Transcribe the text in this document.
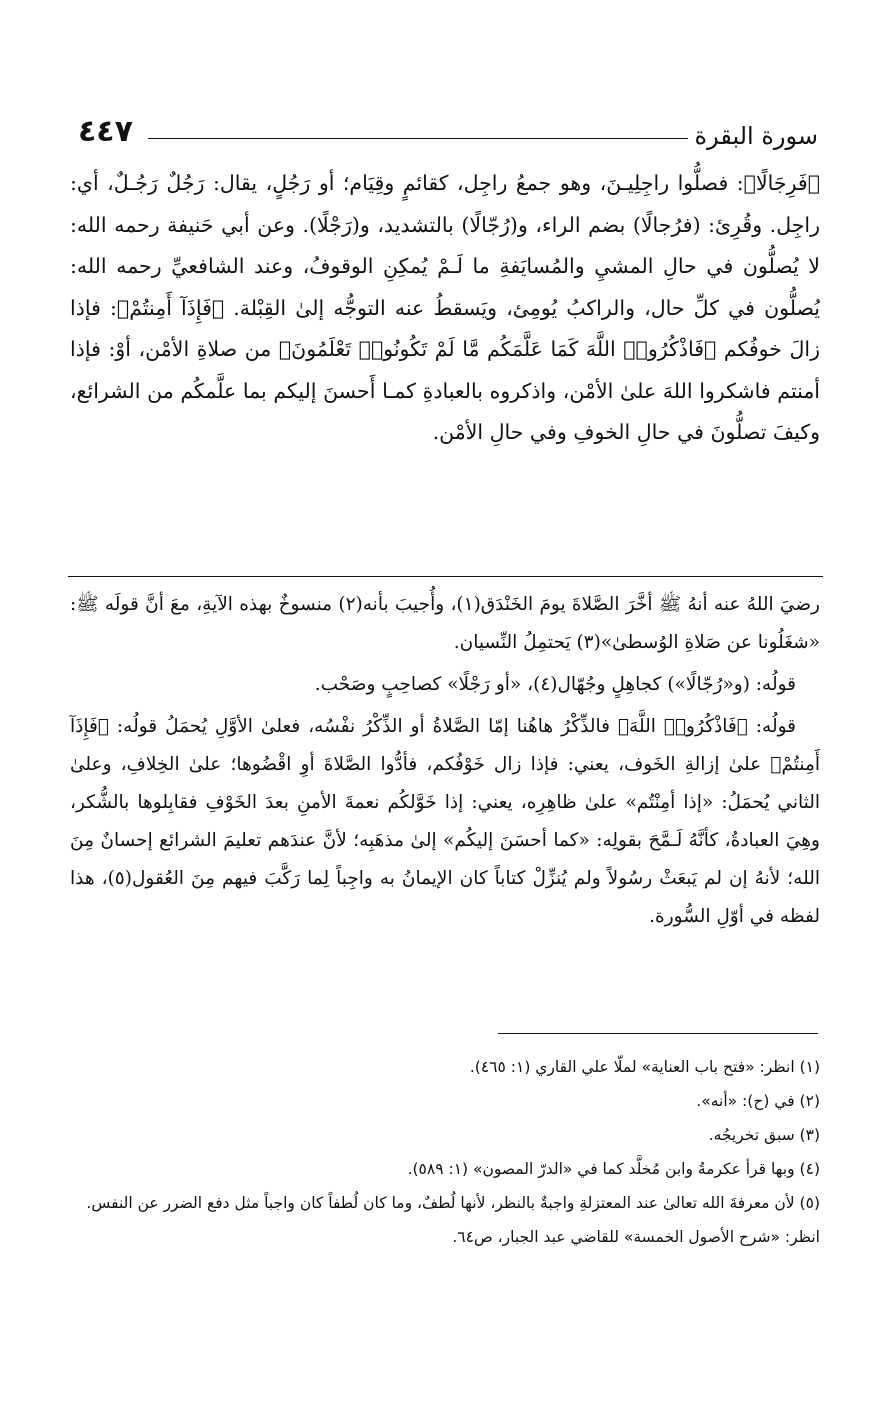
سورة البقرة
٤٤٧

﴿فَرِجَالًا﴾: فصلُّوا راجِلِيـنَ، وهو جمعُ راجِل، كقائمٍ وقِيَام؛ أو رَجُلٍ، يقال: رَجُلٌ رَجُـلٌ، أي: راجِل. وقُرِئ: (فرُجالًا) بضم الراء، و(رُجّالًا) بالتشديد، و(رَجْلًا). وعن أبي حَنيفة رحمه الله: لا يُصلُّون في حالِ المشيِ والمُسايَفةِ ما لَـمْ يُمكِنِ الوقوفُ، وعند الشافعيِّ رحمه الله: يُصلُّون في كلِّ حال، والراكبُ يُومِئ، ويَسقطُ عنه التوجُّه إلىٰ القِبْلة. ﴿فَإِذَآ أَمِنتُمْ﴾: فإذا زالَ خوفُكم ﴿فَاذْكُرُوا۟ اللَّهَ كَمَا عَلَّمَكُم مَّا لَمْ تَكُونُوا۟ تَعْلَمُونَ﴾ من صلاةِ الأمْن، أوْ: فإذا أمنتم فاشكروا اللهَ علىٰ الأمْن، واذكروه بالعبادةِ كمـا أَحسنَ إليكم بما علَّمكُم من الشرائع، وكيفَ تصلُّونَ في حالِ الخوفِ وفي حالِ الأمْن.

رضيَ اللهُ عنه أنهُ ﷺ أخَّرَ الصَّلاةَ يومَ الخَنْدَق(١)، وأُجيبَ بأنه(٢) منسوخٌ بهذه الآيةِ، معَ أنَّ قولَه ﷺ: «شغَلُونا عن صَلاةِ الوُسطىٰ»(٣) يَحتمِلُ النِّسيان.

قولُه: (و«رُجّالًا») كجاهِلٍ وجُهّال(٤)، «أو رَجْلًا» كصاحِبٍ وصَحْب.

قولُه: ﴿فَاذْكُرُوا۟ اللَّهَ﴾ فالذِّكْرُ هاهُنا إمّا الصَّلاةُ أو الذِّكْرُ نفْسُه، فعلىٰ الأوَّلِ يُحمَلُ قولُه: ﴿فَإِذَآ أَمِنتُمْ﴾ علىٰ إزالةِ الخَوف، يعني: فإذا زال خَوْفُكم، فأدُّوا الصَّلاةَ أوِ اقْضُوها؛ علىٰ الخِلافِ، وعلىٰ الثاني يُحمَلُ: «إذا أمِنْتُم» علىٰ ظاهِرِه، يعني: إذا خَوَّلكُم نعمةَ الأمنِ بعدَ الخَوْفِ فقابِلوها بالشُّكر، وهِيَ العبادةُ، كأنَّهُ لَـمَّحَ بقولِه: «كما أحسَنَ إليكُم» إلىٰ مذهَبِه؛ لأنَّ عندَهم تعليمَ الشرائع إحسانٌ مِنَ الله؛ لأنهُ إن لم يَبعَثْ رسُولاً ولم يُنزِّلْ كتاباً كان الإيمانُ به واجِباً لِما رَكَّبَ فيهم مِنَ العُقول(٥)، هذا لفظه في أوّلِ السُّورة.

(١) انظر: «فتح باب العناية» لملّا علي القاري (١: ٤٦٥).

(٢) في (ح): «أنه».

(٣) سبق تخريجُه.

(٤) وبها قرأ عكرمةُ وابن مُخلَّد كما في «الدرّ المصون» (١: ٥٨٩).

(٥) لأن معرفةَ الله تعالىٰ عند المعتزلةِ واجبةٌ بالنظر، لأنها لُطفٌ، وما كان لُطفاً كان واجباً مثل دفع الضرر عن النفس. انظر: «شرح الأصول الخمسة» للقاضي عبد الجبار، ص٦٤.
